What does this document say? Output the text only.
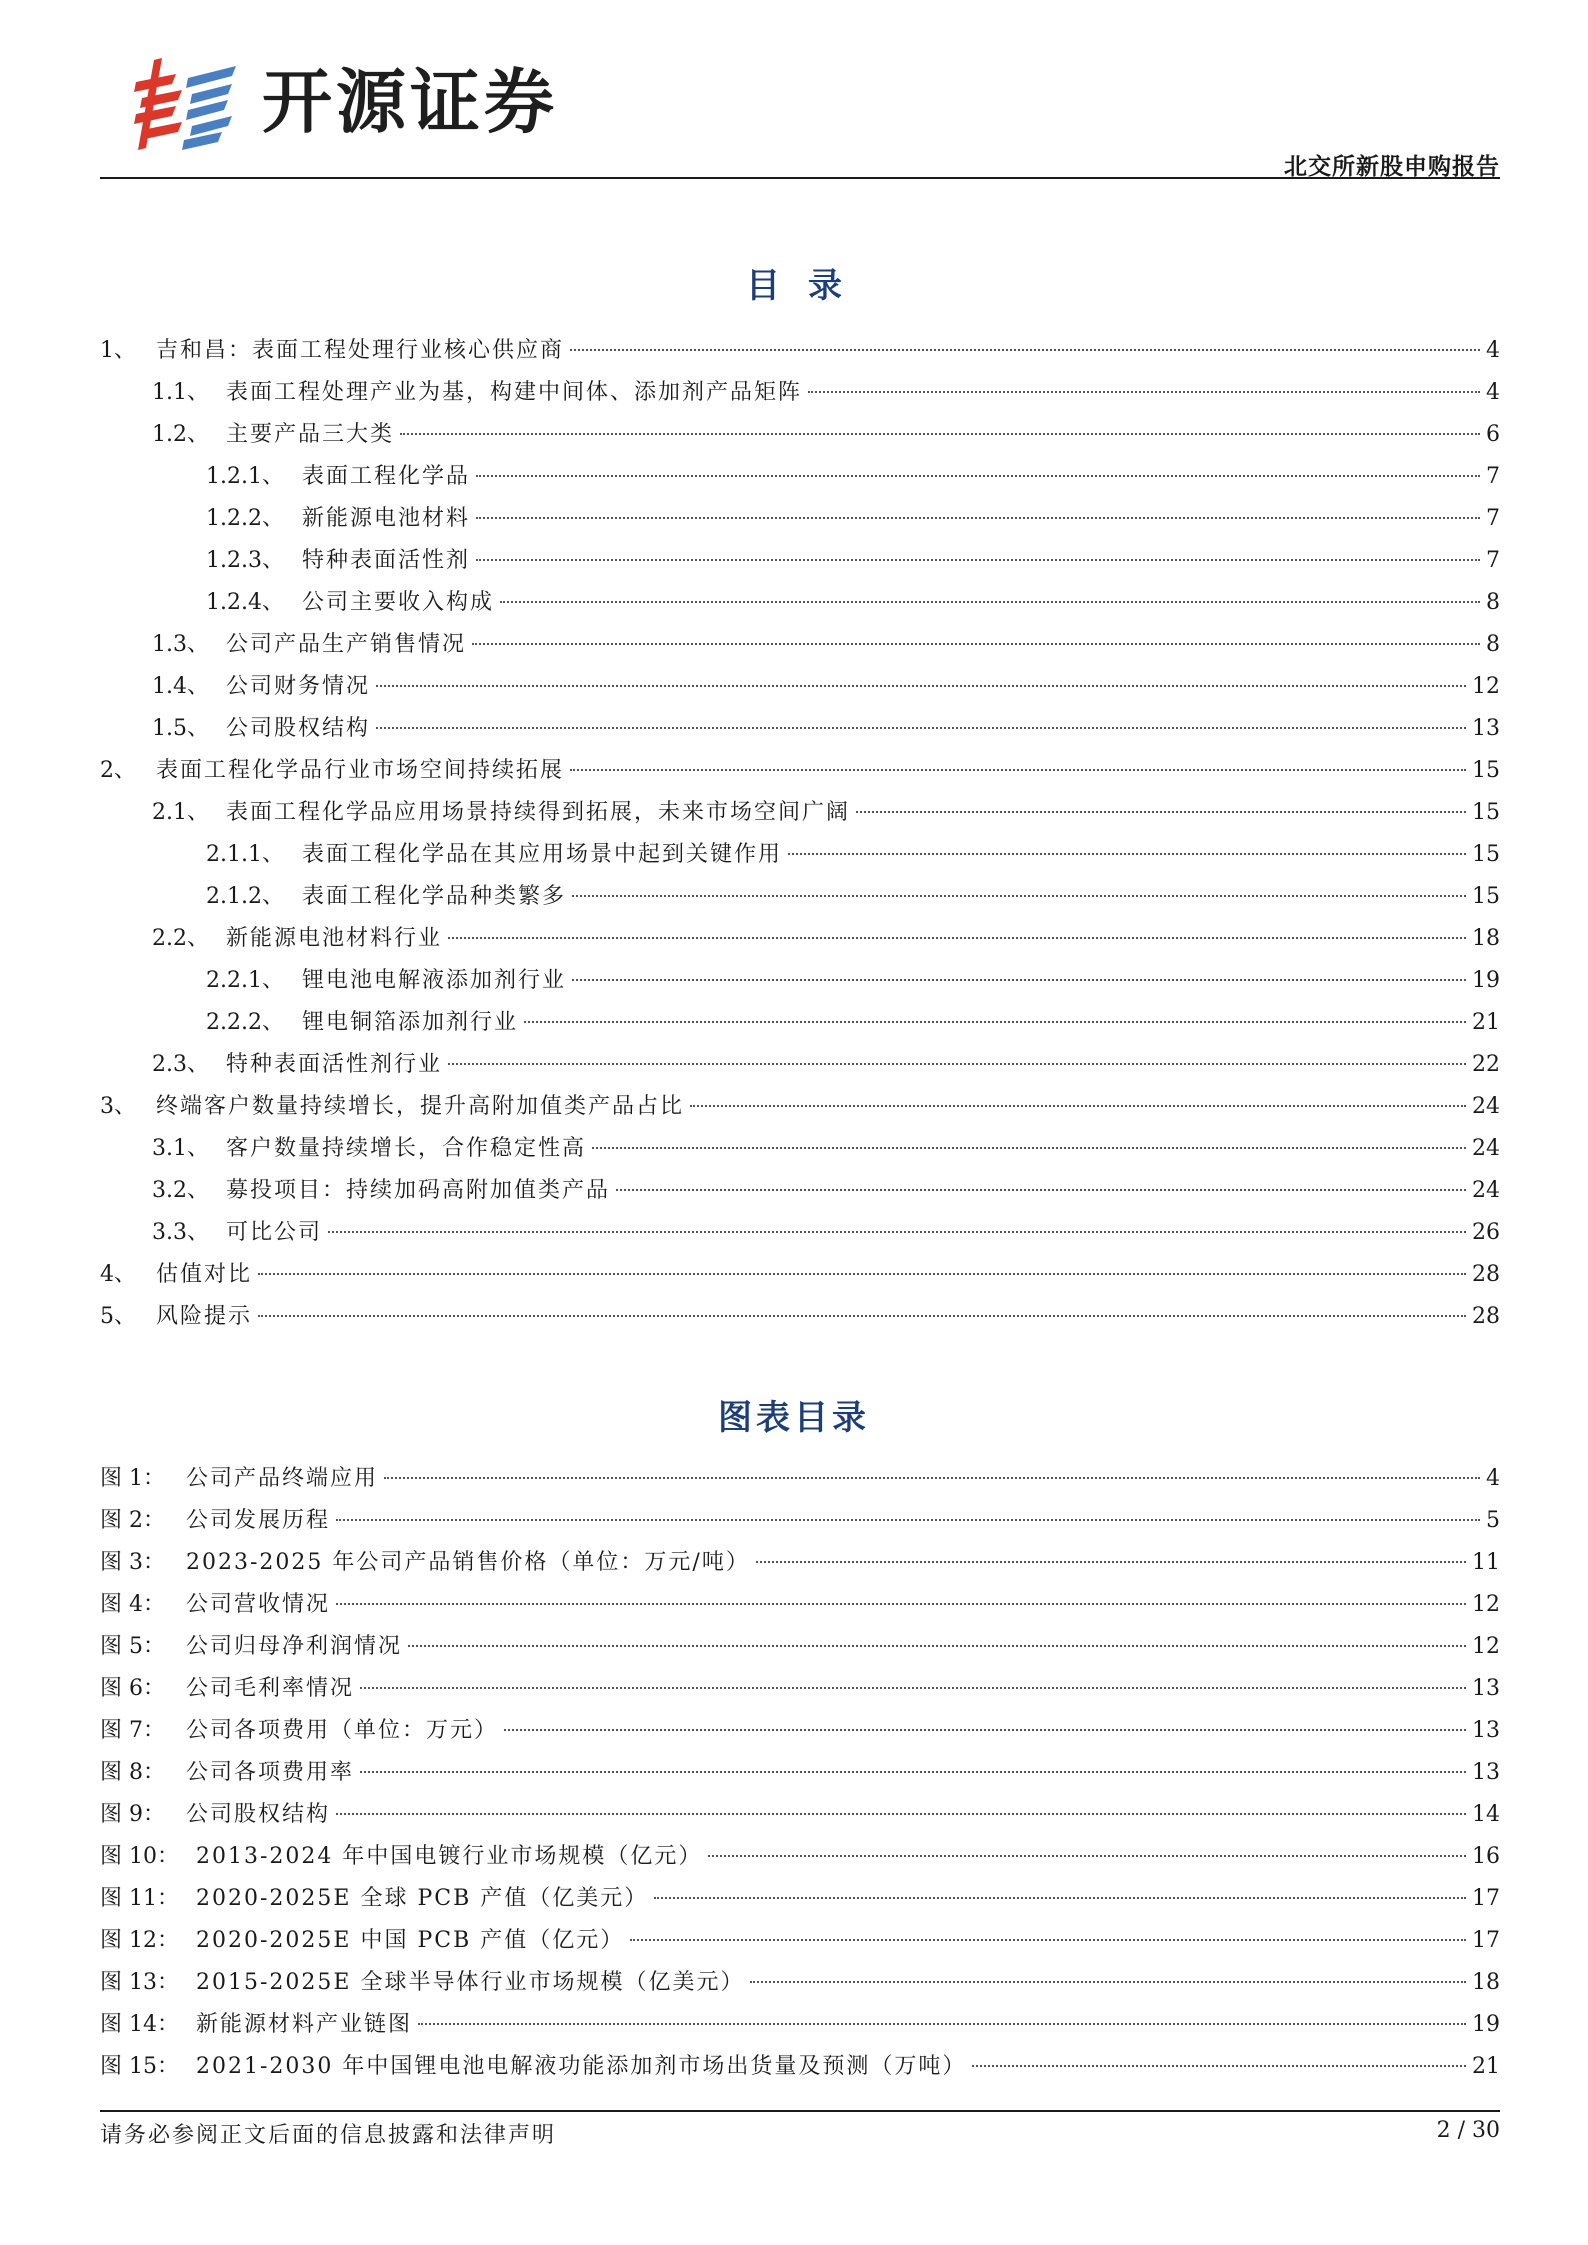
开源证券
北交所新股申购报告
目录
1、 吉和昌：表面工程处理行业核心供应商	4
1.1、 表面工程处理产业为基，构建中间体、添加剂产品矩阵	4
1.2、 主要产品三大类	6
1.2.1、 表面工程化学品	7
1.2.2、 新能源电池材料	7
1.2.3、 特种表面活性剂	7
1.2.4、 公司主要收入构成	8
1.3、 公司产品生产销售情况	8
1.4、 公司财务情况	12
1.5、 公司股权结构	13
2、 表面工程化学品行业市场空间持续拓展	15
2.1、 表面工程化学品应用场景持续得到拓展，未来市场空间广阔	15
2.1.1、 表面工程化学品在其应用场景中起到关键作用	15
2.1.2、 表面工程化学品种类繁多	15
2.2、 新能源电池材料行业	18
2.2.1、 锂电池电解液添加剂行业	19
2.2.2、 锂电铜箔添加剂行业	21
2.3、 特种表面活性剂行业	22
3、 终端客户数量持续增长，提升高附加值类产品占比	24
3.1、 客户数量持续增长，合作稳定性高	24
3.2、 募投项目：持续加码高附加值类产品	24
3.3、 可比公司	26
4、 估值对比	28
5、 风险提示	28
图表目录
图 1： 公司产品终端应用	4
图 2： 公司发展历程	5
图 3： 2023-2025 年公司产品销售价格（单位：万元/吨）	11
图 4： 公司营收情况	12
图 5： 公司归母净利润情况	12
图 6： 公司毛利率情况	13
图 7： 公司各项费用（单位：万元）	13
图 8： 公司各项费用率	13
图 9： 公司股权结构	14
图 10： 2013-2024 年中国电镀行业市场规模（亿元）	16
图 11： 2020-2025E 全球 PCB 产值（亿美元）	17
图 12： 2020-2025E 中国 PCB 产值（亿元）	17
图 13： 2015-2025E 全球半导体行业市场规模（亿美元）	18
图 14： 新能源材料产业链图	19
图 15： 2021-2030 年中国锂电池电解液功能添加剂市场出货量及预测（万吨）	21
请务必参阅正文后面的信息披露和法律声明	2 / 30
